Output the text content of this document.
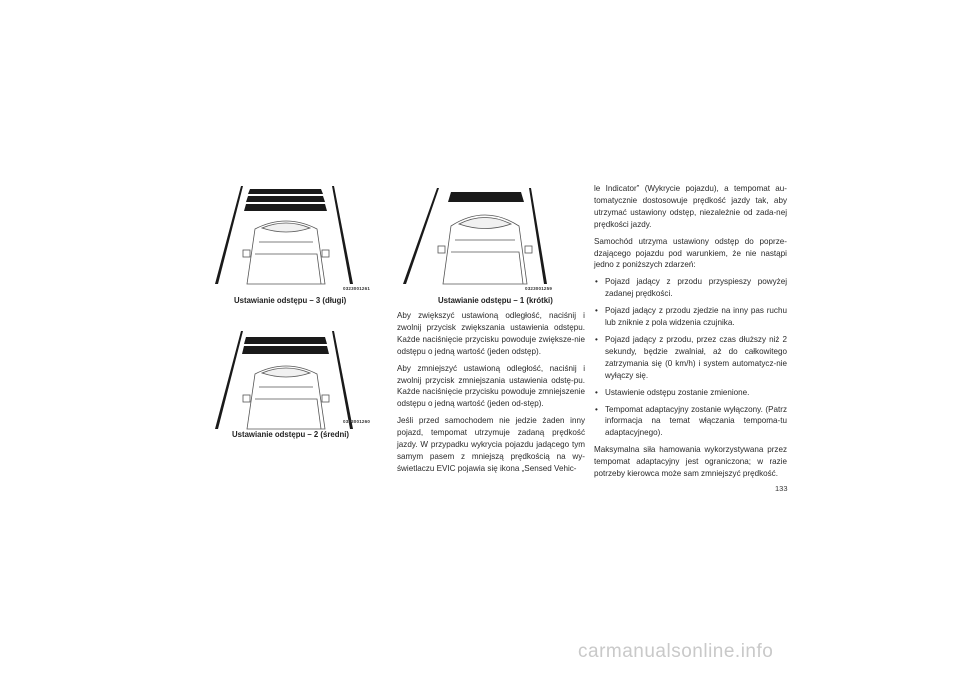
0323001261
Ustawianie odstępu – 3 (długi)
0323001260
Ustawianie odstępu – 2 (średni)
0323001259
Ustawianie odstępu – 1 (krótki)

Aby zwiększyć ustawioną odległość, naciśnij i zwolnij przycisk zwiększania ustawienia odstępu. Każde naciśnięcie przycisku powoduje zwiększe-nie odstępu o jedną wartość (jeden odstęp).

Aby zmniejszyć ustawioną odległość, naciśnij i zwolnij przycisk zmniejszania ustawienia odstę-pu. Każde naciśnięcie przycisku powoduje zmniejszenie odstępu o jedną wartość (jeden od-stęp).

Jeśli przed samochodem nie jedzie żaden inny pojazd, tempomat utrzymuje zadaną prędkość jazdy. W przypadku wykrycia pojazdu jadącego tym samym pasem z mniejszą prędkością na wy-świetlaczu EVIC pojawia się ikona „Sensed Vehic-

le Indicator” (Wykrycie pojazdu), a tempomat au-tomatycznie dostosowuje prędkość jazdy tak, aby utrzymać ustawiony odstęp, niezależnie od zada-nej prędkości jazdy.

Samochód utrzyma ustawiony odstęp do poprze-dzającego pojazdu pod warunkiem, że nie nastąpi jedno z poniższych zdarzeń:

• Pojazd jadący z przodu przyspieszy powyżej zadanej prędkości.
• Pojazd jadący z przodu zjedzie na inny pas ruchu lub zniknie z pola widzenia czujnika.
• Pojazd jadący z przodu, przez czas dłuższy niż 2 sekundy, będzie zwalniał, aż do całkowitego zatrzymania się (0 km/h) i system automatycz-nie wyłączy się.
• Ustawienie odstępu zostanie zmienione.
• Tempomat adaptacyjny zostanie wyłączony. (Patrz informacja na temat włączania tempoma-tu adaptacyjnego).

Maksymalna siła hamowania wykorzystywana przez tempomat adaptacyjny jest ograniczona; w razie potrzeby kierowca może sam zmniejszyć prędkość.

133
carmanualsonline.info
